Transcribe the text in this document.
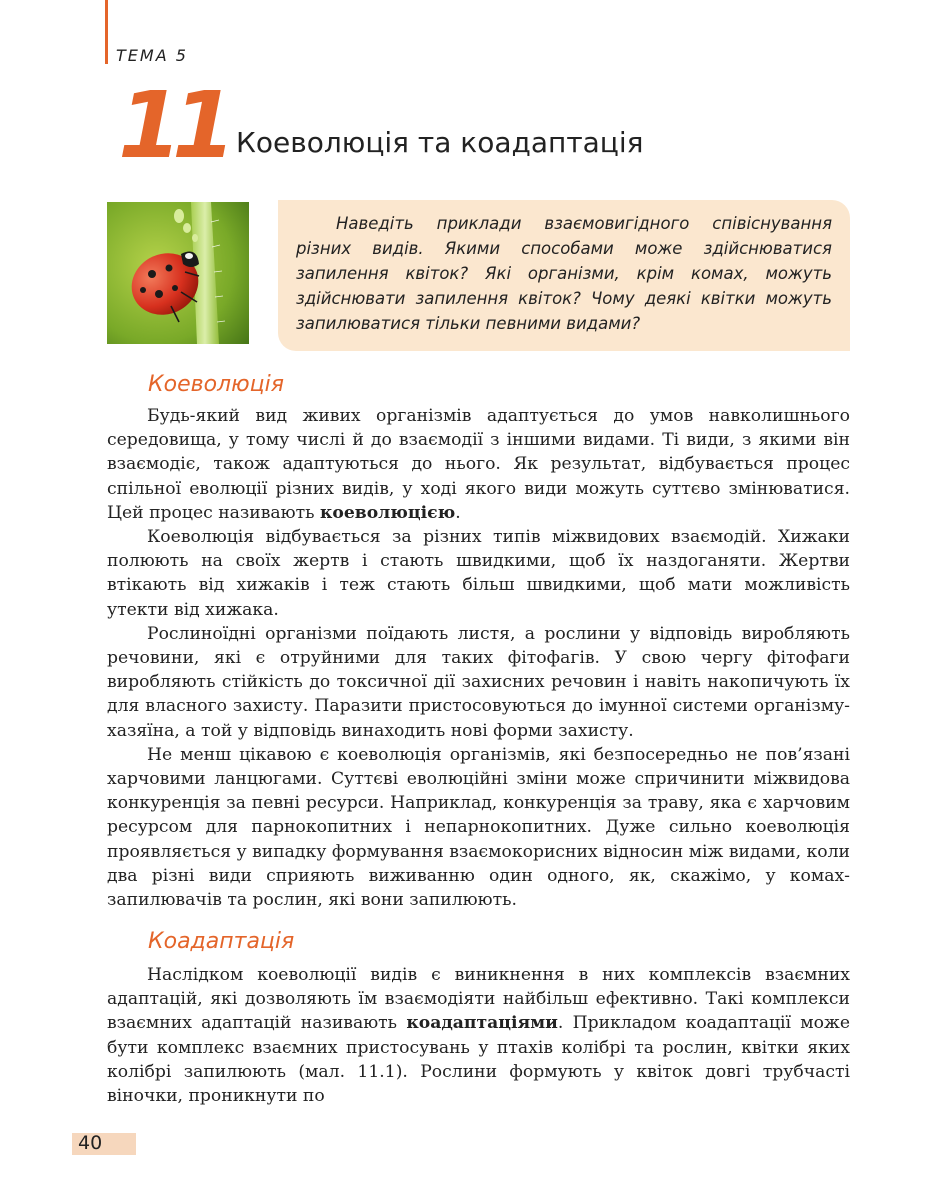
ТЕМА 5
11 Коеволюція та коадаптація

Наведіть приклади взаємовигідного співіснування різних видів. Якими способами може здійснюватися запилення квіток? Які організми, крім комах, можуть здійснювати запилення квіток? Чому деякі квітки можуть запилюватися тільки певними видами?

Коеволюція

Будь-який вид живих організмів адаптується до умов навколишнього середовища, у тому числі й до взаємодії з іншими видами. Ті види, з якими він взаємодіє, також адаптуються до нього. Як результат, відбувається процес спільної еволюції різних видів, у ході якого види можуть суттєво змінюватися. Цей процес називають коеволюцією.

Коеволюція відбувається за різних типів міжвидових взаємодій. Хижаки полюють на своїх жертв і стають швидкими, щоб їх наздоганяти. Жертви втікають від хижаків і теж стають більш швидкими, щоб мати можливість утекти від хижака.

Рослиноїдні організми поїдають листя, а рослини у відповідь виробляють речовини, які є отруйними для таких фітофагів. У свою чергу фітофаги виробляють стійкість до токсичної дії захисних речовин і навіть накопичують їх для власного захисту. Паразити пристосовуються до імунної системи організму-хазяїна, а той у відповідь винаходить нові форми захисту.

Не менш цікавою є коеволюція організмів, які безпосередньо не пов’язані харчовими ланцюгами. Суттєві еволюційні зміни може спричинити міжвидова конкуренція за певні ресурси. Наприклад, конкуренція за траву, яка є харчовим ресурсом для парнокопитних і непарнокопитних. Дуже сильно коеволюція проявляється у випадку формування взаємокорисних відносин між видами, коли два різні види сприяють виживанню один одного, як, скажімо, у комах-запилювачів та рослин, які вони запилюють.

Коадаптація

Наслідком коеволюції видів є виникнення в них комплексів взаємних адаптацій, які дозволяють їм взаємодіяти найбільш ефективно. Такі комплекси взаємних адаптацій називають коадаптаціями. Прикладом коадаптації може бути комплекс взаємних пристосувань у птахів колібрі та рослин, квітки яких колібрі запилюють (мал. 11.1). Рослини формують у квіток довгі трубчасті віночки, проникнути по

40
